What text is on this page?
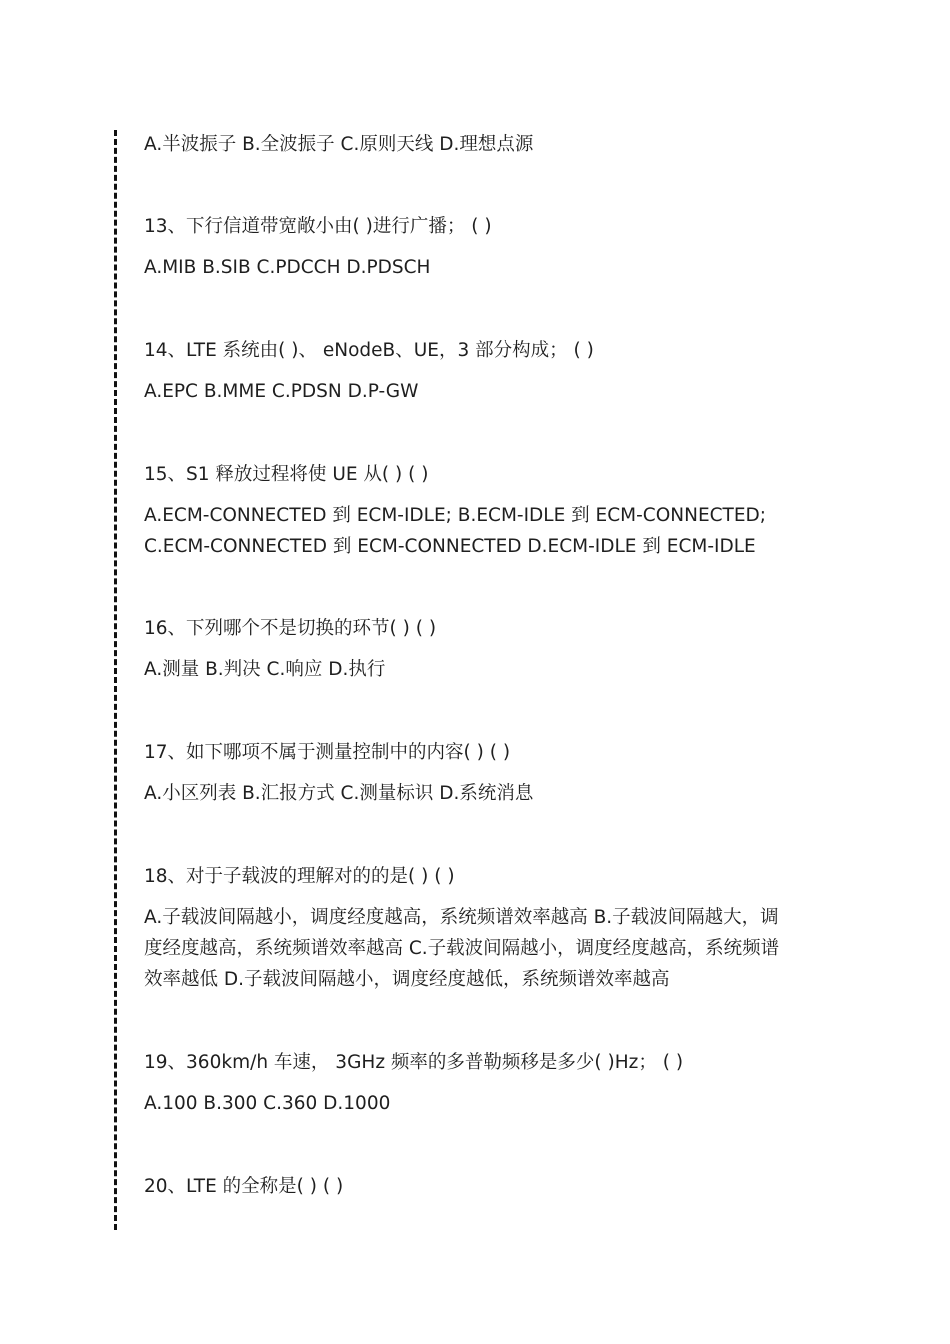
A.半波振子 B.全波振子 C.原则天线 D.理想点源
13、下行信道带宽敞小由( )进行广播； ( )
A.MIB B.SIB C.PDCCH D.PDSCH
14、LTE 系统由( )、 eNodeB、UE，3 部分构成； ( )
A.EPC B.MME C.PDSN D.P-GW
15、S1 释放过程将使 UE 从( ) ( )
A.ECM-CONNECTED 到 ECM-IDLE; B.ECM-IDLE 到 ECM-CONNECTED;
C.ECM-CONNECTED 到 ECM-CONNECTED D.ECM-IDLE 到 ECM-IDLE
16、下列哪个不是切换的环节( ) ( )
A.测量 B.判决 C.响应 D.执行
17、如下哪项不属于测量控制中的内容( ) ( )
A.小区列表 B.汇报方式 C.测量标识 D.系统消息
18、对于子载波的理解对的的是( ) ( )
A.子载波间隔越小，调度经度越高，系统频谱效率越高 B.子载波间隔越大，调
度经度越高，系统频谱效率越高 C.子载波间隔越小，调度经度越高，系统频谱
效率越低 D.子载波间隔越小，调度经度越低，系统频谱效率越高
19、360km/h 车速， 3GHz 频率的多普勒频移是多少( )Hz； ( )
A.100 B.300 C.360 D.1000
20、LTE 的全称是( ) ( )
